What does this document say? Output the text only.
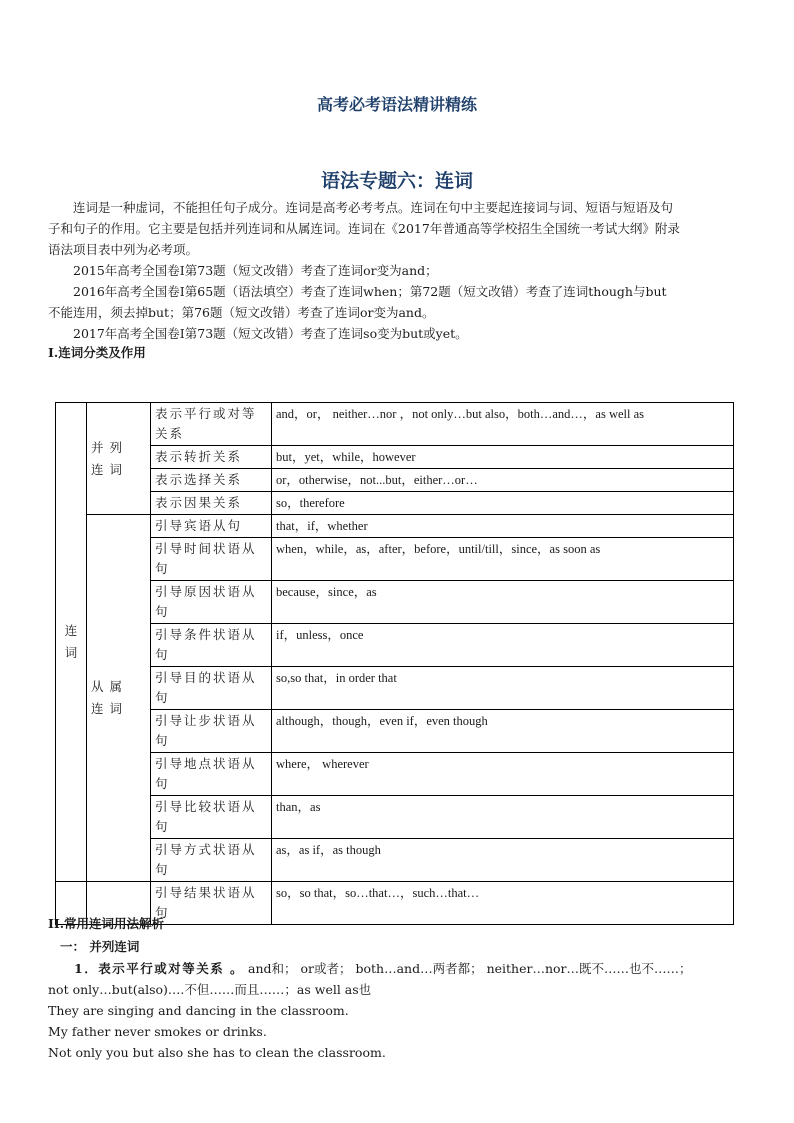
高考必考语法精讲精练
语法专题六：连词

连词是一种虚词，不能担任句子成分。连词是高考必考考点。连词在句中主要起连接词与词、短语与短语及句

子和句子的作用。它主要是包括并列连词和从属连词。连词在《2017年普通高等学校招生全国统一考试大纲》附录

语法项目表中列为必考项。

2015年高考全国卷Ⅰ第73题（短文改错）考查了连词or变为and；

2016年高考全国卷Ⅰ第65题（语法填空）考查了连词when；第72题（短文改错）考查了连词though与but

不能连用，须去掉but；第76题（短文改错）考查了连词or变为and。

2017年高考全国卷Ⅰ第73题（短文改错）考查了连词so变为but或yet。

I.连词分类及作用
连词	并列连词	表示平行或对等关系	and，or， neither…nor ，not only…but also，both…and…，as well as
		表示转折关系	but，yet，while，however
		表示选择关系	or，otherwise，not...but，either…or…
		表示因果关系	so，therefore
	从属连词	引导宾语从句	that，if，whether
		引导时间状语从句	when，while，as，after，before，until/till，since，as soon as
		引导原因状语从句	because，since，as
		引导条件状语从句	if，unless，once
		引导目的状语从句	so,so that，in order that
		引导让步状语从句	although，though，even if，even though
		引导地点状语从句	where， wherever
		引导比较状语从句	than，as
		引导方式状语从句	as，as if，as though
		引导结果状语从句	so，so that，so…that…，such…that…
II.常用连词用法解析
一： 并列连词

1．表示平行或对等关系 。 and和； or或者； both…and…两者都； neither…nor…既不……也不……；

not only…but(also)….不但……而且……；as well as也

They are singing and dancing in the classroom.

My father never smokes or drinks.

Not only you but also she has to clean the classroom.
